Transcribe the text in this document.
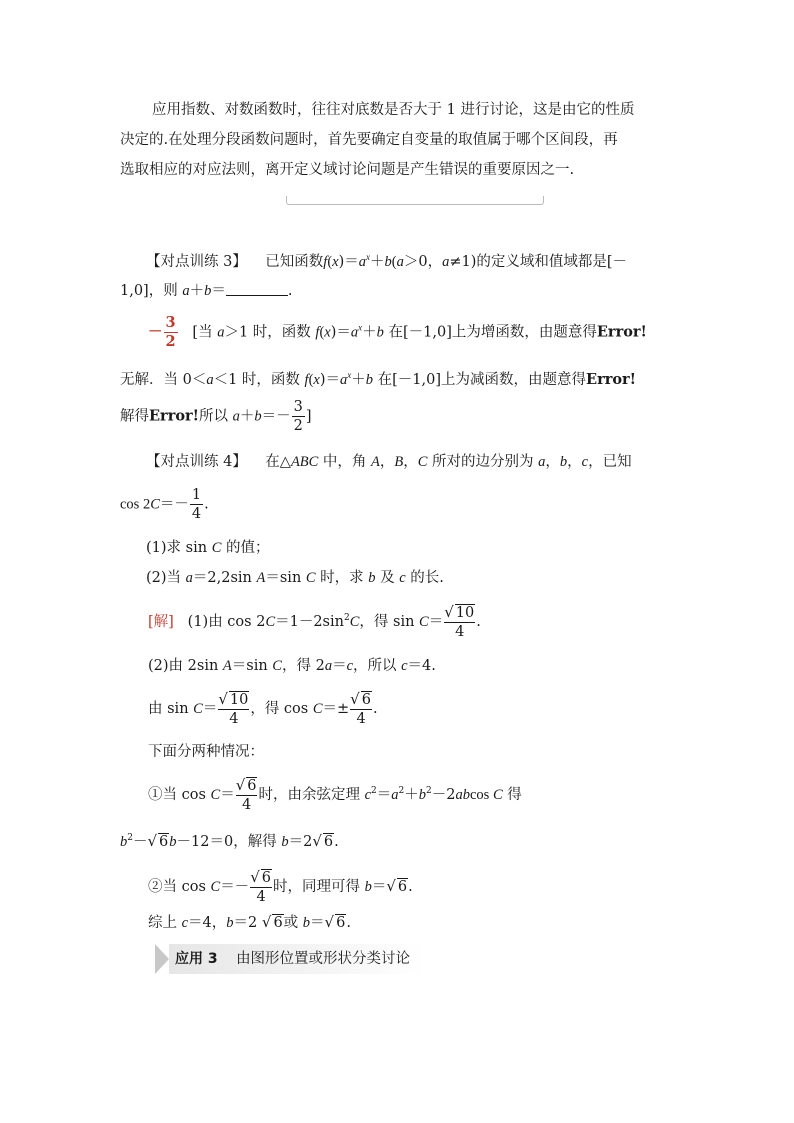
应用指数、对数函数时，往往对底数是否大于 1 进行讨论，这是由它的性质
决定的.在处理分段函数问题时，首先要确定自变量的取值属于哪个区间段，再
选取相应的对应法则，离开定义域讨论问题是产生错误的重要原因之一.
【对点训练 3】 已知函数$f(x)=a^x+b(a>0$，a≠1)的定义域和值域都是[－
1,0]，则 a＋b＝	.
－ $\frac{3}{2}$ [当 a＞1 时，函数 $f(x)=a^x+b$ 在[－1,0]上为增函数，由题意得Error!
无解．当 0＜a＜1 时，函数 $f(x)=a^x+b$ 在[－1,0]上为减函数，由题意得Error!
解得Error!所以 $a+b=- \frac{3}{2}$ ]
【对点训练 4】 在△ABC 中，角 A，B，C 所对的边分别为 a，b，c，已知
$\cos 2C=- \frac{1}{4}$ .
(1)求 sin C 的值；
(2)当 a＝2,2sin A＝sin C 时，求 b 及 c 的长.
[解] (1)由 $\cos 2C=1-2\sin^2C$，得 $\sin C= \frac{√ 10}{4}$ .
(2)由 2sin A＝sin C，得 2a＝c，所以 c＝4.
由 $\sin C= \frac{√ 10}{4}$ ，得 $\cos C=\pm \frac{√ 6}{4}$ .
下面分两种情况：
①当 $\cos C= \frac{√ 6}{4}$ 时，由余弦定理 $c^2=a^2+b^2-2abcos$ C 得
$b^2-√$ 6b－12＝0，解得 b＝2√ 6.
②当 $\cos C=- \frac{√ 6}{4}$ 时，同理可得 b＝√ 6.
综上 c＝4，b＝2 √ 6或 b＝√ 6.
应用 3 由图形位置或形状分类讨论
